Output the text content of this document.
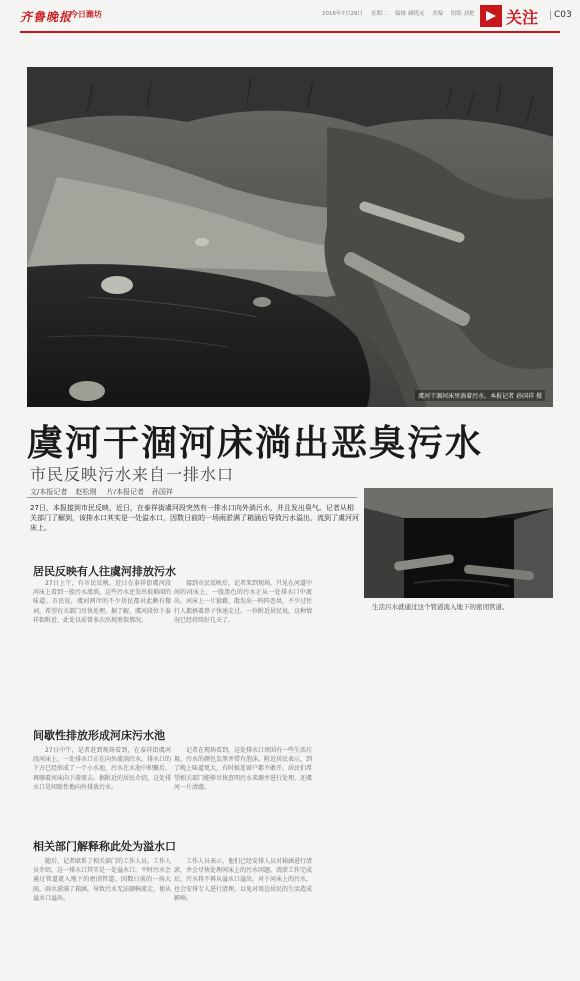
齐鲁晚报
今日潍坊	2016年7月29日 星期二 编辑 郝晓灵 美编 组版 刘艳	关注	C03
虞河干涸河床里淌着污水。本报记者 孙国祥 摄
虞河干涸河床淌出恶臭污水
市民反映污水来自一排水口
文/本报记者 赵松刚 片/本报记者 孙国祥

27日，本报接到市民反映，近日，在泰祥街虞河段突然有一排水口向外淌污水，并且发出臭气。记者从相关部门了解到，该排水口其实是一处溢水口，因数日前的一场雨淤满了箱涵后导致污水溢出，流到了虞河河床上。

生活污水就通过这个管道流入地下的密闭管道。
居民反映有人往虞河排放污水

27日上午，有市民反映，近日在泰祥街虞河段河床上看到一股污水流淌，这些污水还发出很难闻的味道。市民说，虞河两岸的不少居民都对此颇有微词，希望有关部门尽快处理。据了解，虞河段位于泰祥街附近，此处以前曾多次出现类似情况。

接到市民反映后，记者来到现场，只见在河道中间的河床上，一股黑色的污水正从一处排水口中流出。河床上一片狼藉，散发出一阵阵恶臭，不少过往行人都捂着鼻子快速走过。一位附近居民说，这种情况已经持续好几天了。

间歇性排放形成河床污水池

27日中午，记者赶到现场看到，在泰祥街虞河段河床上，一处排水口正在向外流淌污水。排水口的下方已经形成了一个小水池，污水在水池中积聚后，再顺着河床向下游流去。据附近的居民介绍，这处排水口是间歇性地向外排放污水。

记者在现场看到，这处排水口周围有一些生活垃圾，污水的颜色发黑并带有泡沫。附近居民表示，到了晚上味道更大，有时候连窗户都不敢开。居民们希望相关部门能够尽快查明污水来源并进行处理，还虞河一片清澈。

相关部门解释称此处为溢水口

随后，记者联系了相关部门的工作人员。工作人员介绍，这一排水口其实是一处溢水口，平时污水会通过管道流入地下的密闭管道。因数日前的一场大雨，雨水淤满了箱涵，导致污水无法顺畅流走，便从溢水口溢出。

工作人员表示，他们已经安排人员对箱涵进行清淤，并会尽快处理河床上的污水问题。清淤工作完成后，污水将不再从溢水口溢出。对于河床上的污水，也会安排专人进行清理，以免对周边居民的生活造成影响。
